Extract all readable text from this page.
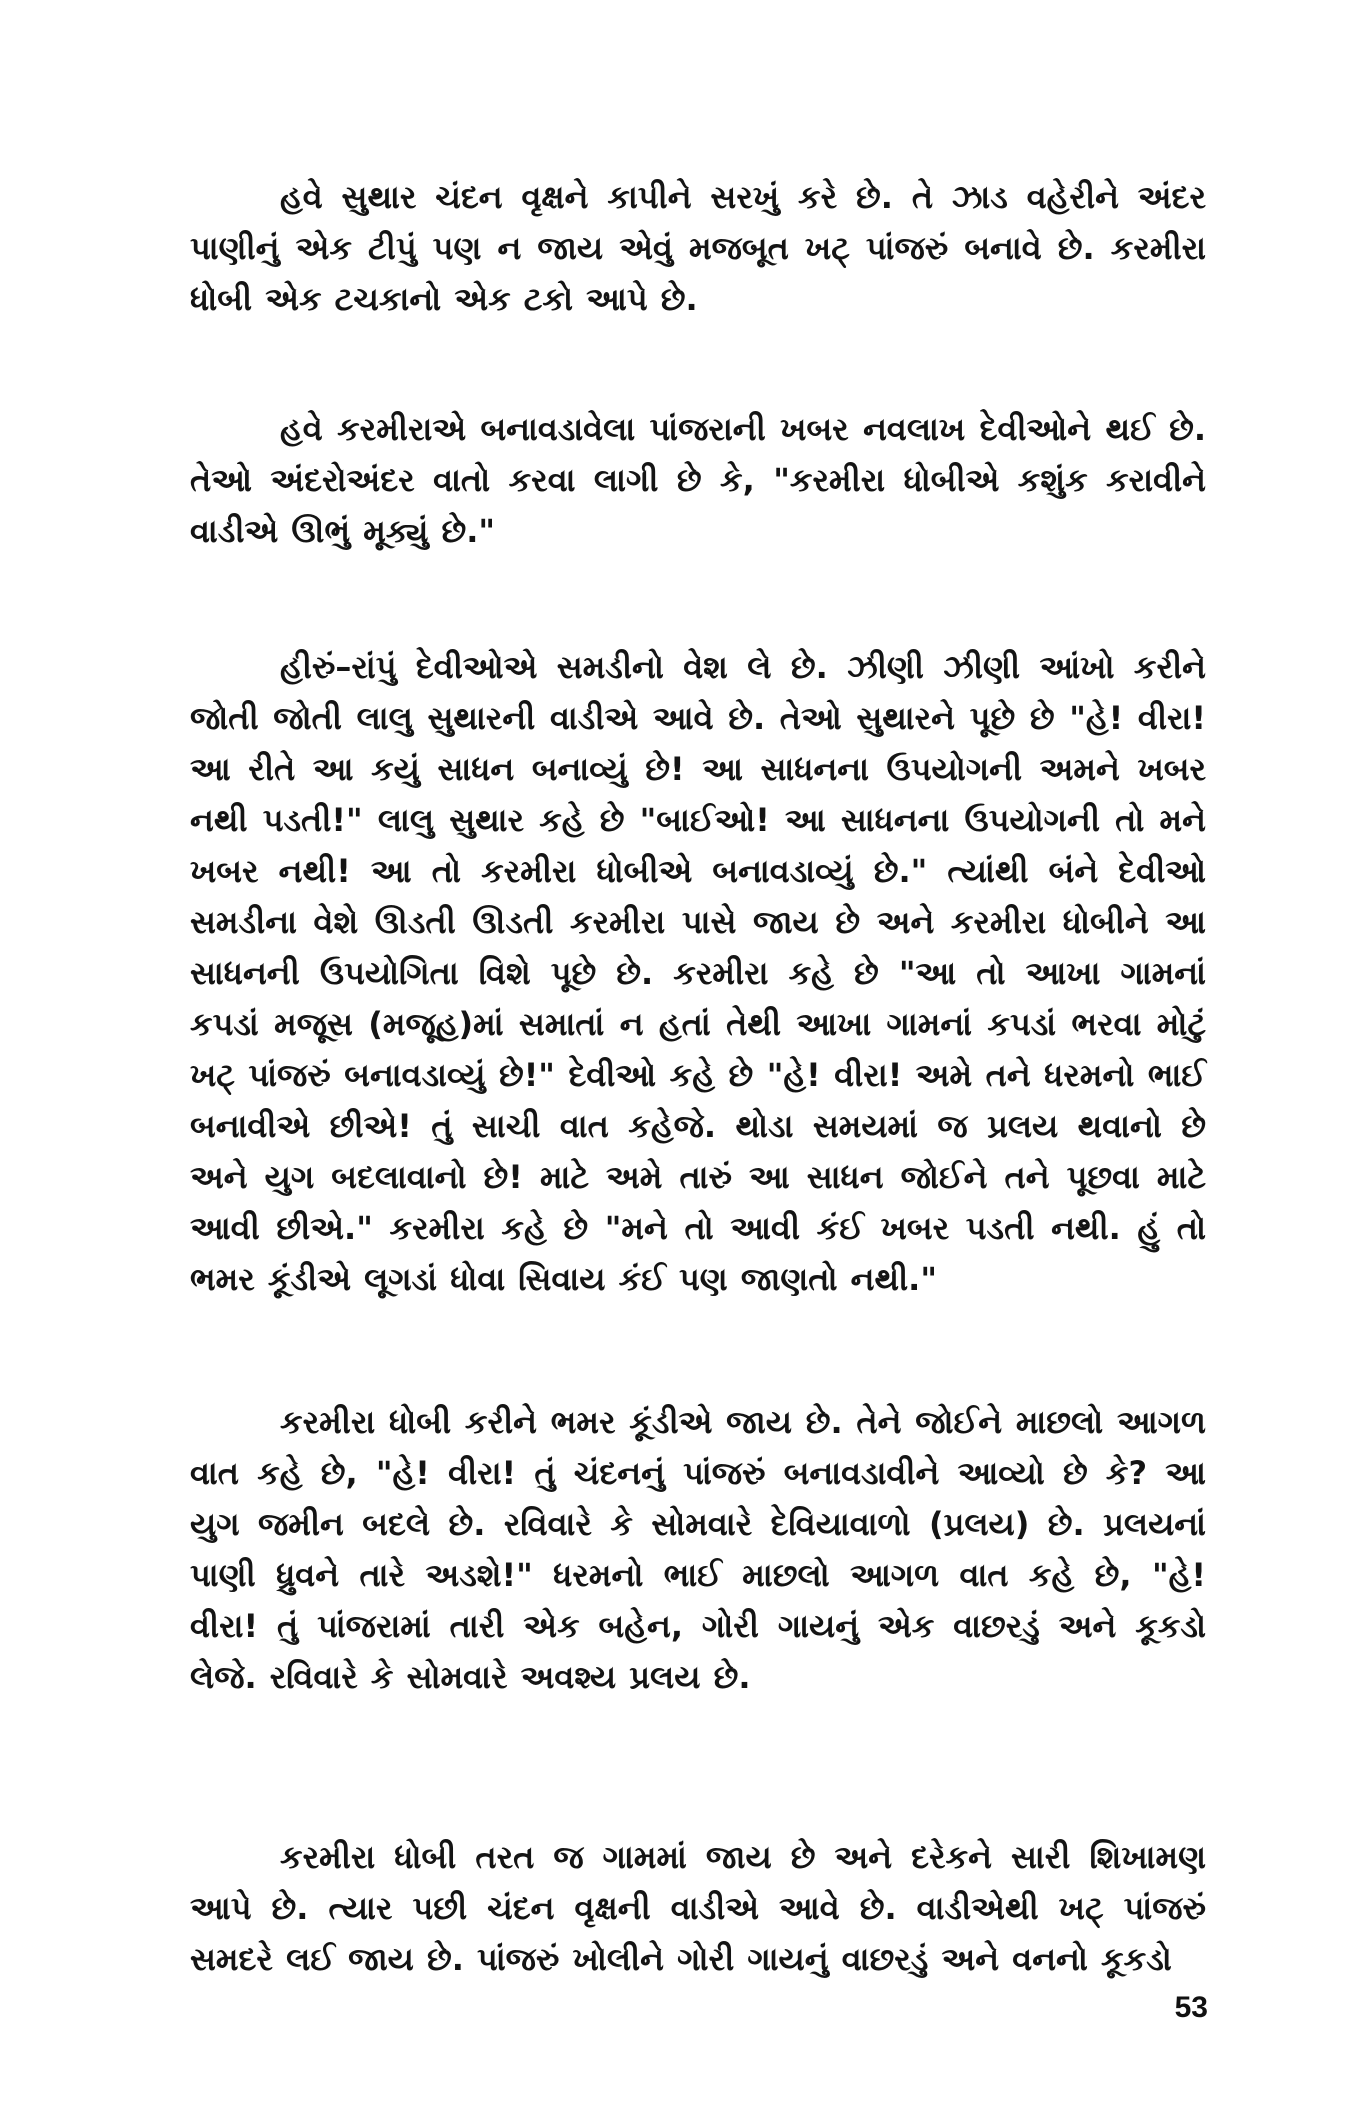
હવે સુથાર ચંદન વૃક્ષને કાપીને સરખું કરે છે. તે ઝાડ વહેરીને અંદર પાણીનું એક ટીપું પણ ન જાય એવું મજબૂત ખટ્ પાંજરું બનાવે છે. કરમીરા ધોબી એક ટચકાનો એક ટકો આપે છે.

હવે કરમીરાએ બનાવડાવેલા પાંજરાની ખબર નવલાખ દેવીઓને થઈ છે. તેઓ અંદરોઅંદર વાતો કરવા લાગી છે કે, "કરમીરા ધોબીએ કશુંક કરાવીને વાડીએ ઊભું મૂક્યું છે."

હીરું–રાંપું દેવીઓએ સમડીનો વેશ લે છે. ઝીણી ઝીણી આંખો કરીને જોતી જોતી લાલુ સુથારની વાડીએ આવે છે. તેઓ સુથારને પૂછે છે "હે! વીરા! આ રીતે આ કયું સાધન બનાવ્યું છે! આ સાધનના ઉપયોગની અમને ખબર નથી પડતી!" લાલુ સુથાર કહે છે "બાઈઓ! આ સાધનના ઉપયોગની તો મને ખબર નથી! આ તો કરમીરા ધોબીએ બનાવડાવ્યું છે." ત્યાંથી બંને દેવીઓ સમડીના વેશે ઊડતી ઊડતી કરમીરા પાસે જાય છે અને કરમીરા ધોબીને આ સાધનની ઉપયોગિતા વિશે પૂછે છે. કરમીરા કહે છે "આ તો આખા ગામનાં કપડાં મજૂસ (મજૂહ)માં સમાતાં ન હતાં તેથી આખા ગામનાં કપડાં ભરવા મોટું ખટ્ પાંજરું બનાવડાવ્યું છે!" દેવીઓ કહે છે "હે! વીરા! અમે તને ધરમનો ભાઈ બનાવીએ છીએ! તું સાચી વાત કહેજે. થોડા સમયમાં જ પ્રલય થવાનો છે અને યુગ બદલાવાનો છે! માટે અમે તારું આ સાધન જોઈને તને પૂછવા માટે આવી છીએ." કરમીરા કહે છે "મને તો આવી કંઈ ખબર પડતી નથી. હું તો ભમર કૂંડીએ લૂગડાં ધોવા સિવાય કંઈ પણ જાણતો નથી."

કરમીરા ધોબી કરીને ભમર કૂંડીએ જાય છે. તેને જોઈને માછલો આગળ વાત કહે છે, "હે! વીરા! તું ચંદનનું પાંજરું બનાવડાવીને આવ્યો છે કે? આ યુગ જમીન બદલે છે. રવિવારે કે સોમવારે દેવિયાવાળો (પ્રલય) છે. પ્રલયનાં પાણી ધ્રુવને તારે અડશે!" ધરમનો ભાઈ માછલો આગળ વાત કહે છે, "હે! વીરા! તું પાંજરામાં તારી એક બહેન, ગોરી ગાયનું એક વાછરડું અને કૂકડો લેજે. રવિવારે કે સોમવારે અવશ્ય પ્રલય છે.

કરમીરા ધોબી તરત જ ગામમાં જાય છે અને દરેકને સારી શિખામણ આપે છે. ત્યાર પછી ચંદન વૃક્ષની વાડીએ આવે છે. વાડીએથી ખટ્ પાંજરું સમદરે લઈ જાય છે. પાંજરું ખોલીને ગોરી ગાયનું વાછરડું અને વનનો કૂકડો

53
